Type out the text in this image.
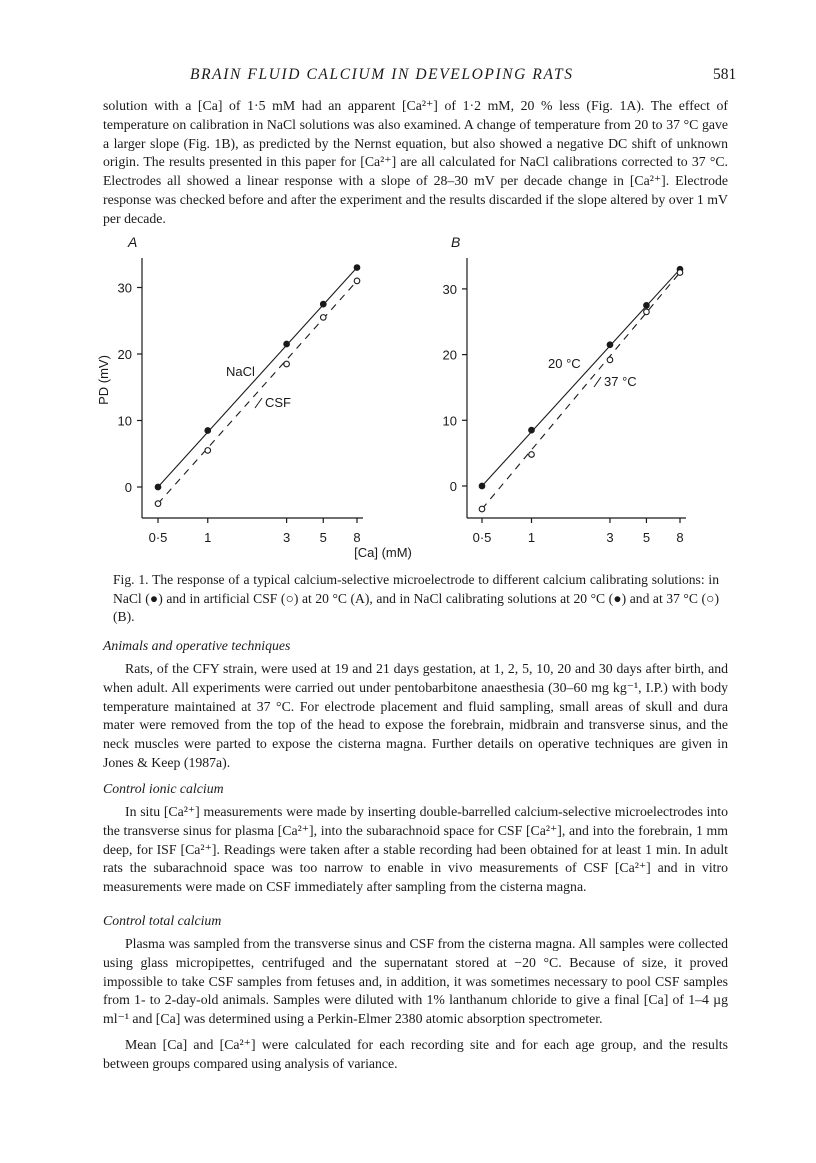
BRAIN FLUID CALCIUM IN DEVELOPING RATS	581

solution with a [Ca] of 1·5 mM had an apparent [Ca²⁺] of 1·2 mM, 20 % less (Fig. 1A). The effect of temperature on calibration in NaCl solutions was also examined. A change of temperature from 20 to 37 °C gave a larger slope (Fig. 1B), as predicted by the Nernst equation, but also showed a negative DC shift of unknown origin. The results presented in this paper for [Ca²⁺] are all calculated for NaCl calibrations corrected to 37 °C. Electrodes all showed a linear response with a slope of 28–30 mV per decade change in [Ca²⁺]. Electrode response was checked before and after the experiment and the results discarded if the slope altered by over 1 mV per decade.

A
0
10
20
30
0·5	1	3 5 8
NaCl
CSF
B
0
10
20
30
0·5	1	3 5 8
20 °C
37 °C
[Ca] (mM)
PD (mV)

Fig. 1. The response of a typical calcium-selective microelectrode to different calcium calibrating solutions: in NaCl (●) and in artificial CSF (○) at 20 °C (A), and in NaCl calibrating solutions at 20 °C (●) and at 37 °C (○) (B).

Animals and operative techniques

Rats, of the CFY strain, were used at 19 and 21 days gestation, at 1, 2, 5, 10, 20 and 30 days after birth, and when adult. All experiments were carried out under pentobarbitone anaesthesia (30–60 mg kg⁻¹, I.P.) with body temperature maintained at 37 °C. For electrode placement and fluid sampling, small areas of skull and dura mater were removed from the top of the head to expose the forebrain, midbrain and transverse sinus, and the neck muscles were parted to expose the cisterna magna. Further details on operative techniques are given in Jones & Keep (1987a).

Control ionic calcium

In situ [Ca²⁺] measurements were made by inserting double-barrelled calcium-selective microelectrodes into the transverse sinus for plasma [Ca²⁺], into the subarachnoid space for CSF [Ca²⁺], and into the forebrain, 1 mm deep, for ISF [Ca²⁺]. Readings were taken after a stable recording had been obtained for at least 1 min. In adult rats the subarachnoid space was too narrow to enable in vivo measurements of CSF [Ca²⁺] and in vitro measurements were made on CSF immediately after sampling from the cisterna magna.

Control total calcium

Plasma was sampled from the transverse sinus and CSF from the cisterna magna. All samples were collected using glass micropipettes, centrifuged and the supernatant stored at −20 °C. Because of size, it proved impossible to take CSF samples from fetuses and, in addition, it was sometimes necessary to pool CSF samples from 1- to 2-day-old animals. Samples were diluted with 1% lanthanum chloride to give a final [Ca] of 1–4 µg ml⁻¹ and [Ca] was determined using a Perkin-Elmer 2380 atomic absorption spectrometer.

Mean [Ca] and [Ca²⁺] were calculated for each recording site and for each age group, and the results between groups compared using analysis of variance.
